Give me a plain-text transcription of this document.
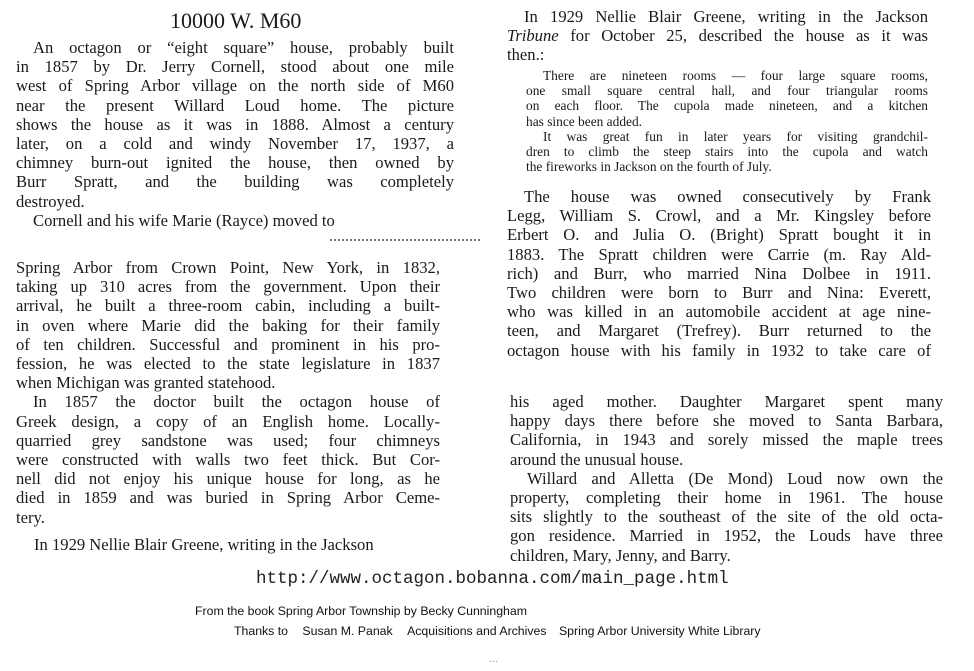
10000 W. M60

An octagon or “eight square” house, probably built

in 1857 by Dr. Jerry Cornell, stood about one mile

west of Spring Arbor village on the north side of M60

near the present Willard Loud home. The picture

shows the house as it was in 1888. Almost a century

later, on a cold and windy November 17, 1937, a

chimney burn-out ignited the house, then owned by

Burr Spratt, and the building was completely

destroyed.

Cornell and his wife Marie (Rayce) moved to

Spring Arbor from Crown Point, New York, in 1832,

taking up 310 acres from the government. Upon their

arrival, he built a three-room cabin, including a built-

in oven where Marie did the baking for their family

of ten children. Successful and prominent in his pro-

fession, he was elected to the state legislature in 1837

when Michigan was granted statehood.

In 1857 the doctor built the octagon house of

Greek design, a copy of an English home. Locally-

quarried grey sandstone was used; four chimneys

were constructed with walls two feet thick. But Cor-

nell did not enjoy his unique house for long, as he

died in 1859 and was buried in Spring Arbor Ceme-

tery.

In 1929 Nellie Blair Greene, writing in the Jackson

In 1929 Nellie Blair Greene, writing in the Jackson

Tribune for October 25, described the house as it was

then.:

There are nineteen rooms — four large square rooms,

one small square central hall, and four triangular rooms

on each floor. The cupola made nineteen, and a kitchen

has since been added.

It was great fun in later years for visiting grandchil-

dren to climb the steep stairs into the cupola and watch

the fireworks in Jackson on the fourth of July.

The house was owned consecutively by Frank

Legg, William S. Crowl, and a Mr. Kingsley before

Erbert O. and Julia O. (Bright) Spratt bought it in

1883. The Spratt children were Carrie (m. Ray Ald-

rich) and Burr, who married Nina Dolbee in 1911.

Two children were born to Burr and Nina: Everett,

who was killed in an automobile accident at age nine-

teen, and Margaret (Trefrey). Burr returned to the

octagon house with his family in 1932 to take care of

his aged mother. Daughter Margaret spent many

happy days there before she moved to Santa Barbara,

California, in 1943 and sorely missed the maple trees

around the unusual house.

Willard and Alletta (De Mond) Loud now own the

property, completing their home in 1961. The house

sits slightly to the southeast of the site of the old octa-

gon residence. Married in 1952, the Louds have three

children, Mary, Jenny, and Barry.

http://www.octagon.bobanna.com/main_page.html
From the book Spring Arbor Township by Becky Cunningham
Thanks to Susan M. Panak Acquisitions and Archives Spring Arbor University White Library
ˇˇˇ
